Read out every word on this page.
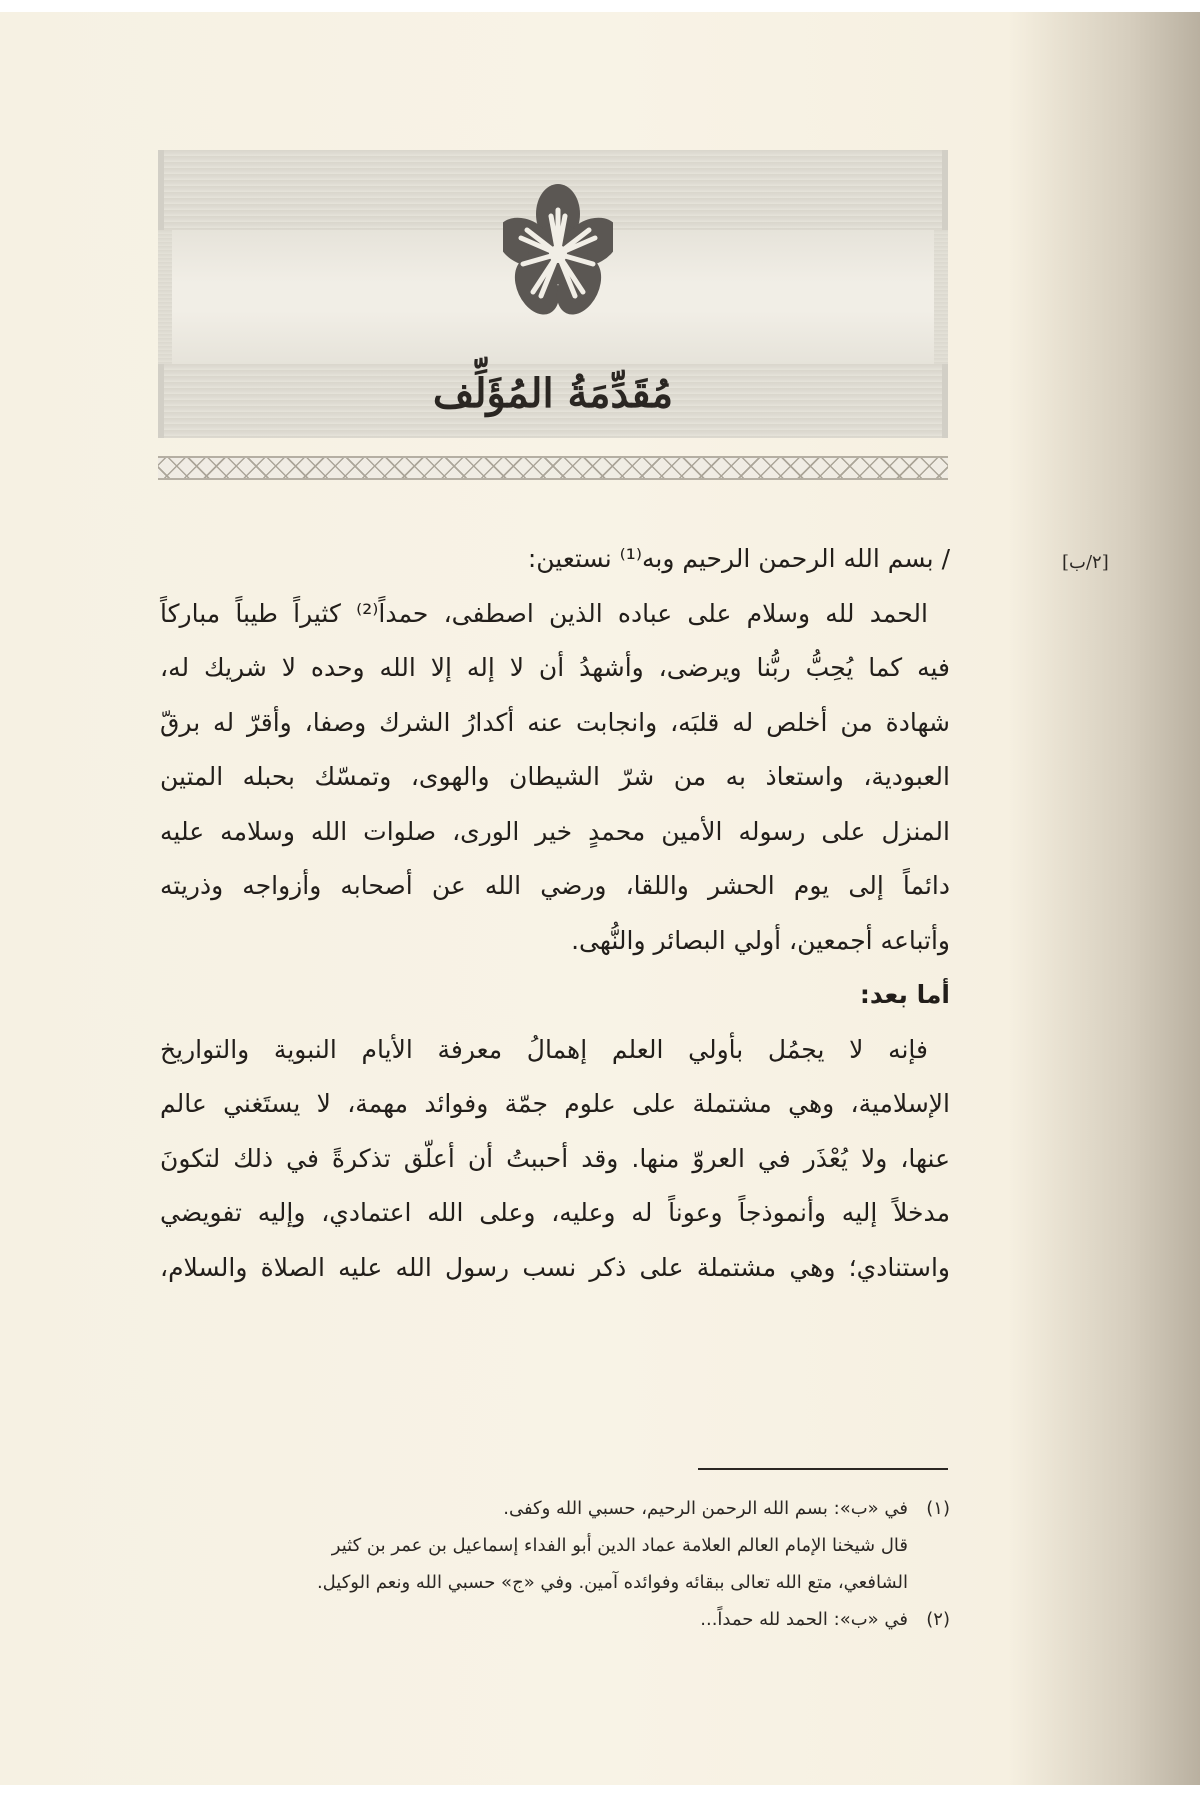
مُقَدِّمَةُ المُؤَلِّف
[٢/ب]
/ بسم الله الرحمن الرحيم وبه⁽¹⁾ نستعين:
الحمد لله وسلام على عباده الذين اصطفى، حمداً⁽²⁾ كثيراً طيباً مباركاً
فيه كما يُحِبُّ ربُّنا ويرضى، وأشهدُ أن لا إله إلا الله وحده لا شريك له،
شهادة من أخلص له قلبَه، وانجابت عنه أكدارُ الشرك وصفا، وأقرّ له برقّ
العبودية، واستعاذ به من شرّ الشيطان والهوى، وتمسّك بحبله المتين
المنزل على رسوله الأمين محمدٍ خير الورى، صلوات الله وسلامه عليه
دائماً إلى يوم الحشر واللقا، ورضي الله عن أصحابه وأزواجه وذريته
وأتباعه أجمعين، أولي البصائر والنُّهى.
أما بعد:
فإنه لا يجمُل بأولي العلم إهمالُ معرفة الأيام النبوية والتواريخ
الإسلامية، وهي مشتملة على علوم جمّة وفوائد مهمة، لا يستَغني عالم
عنها، ولا يُعْذَر في العروّ منها. وقد أحببتُ أن أعلّق تذكرةً في ذلك لتكونَ
مدخلاً إليه وأنموذجاً وعوناً له وعليه، وعلى الله اعتمادي، وإليه تفويضي
واستنادي؛ وهي مشتملة على ذكر نسب رسول الله عليه الصلاة والسلام،
(١)
في «ب»: بسم الله الرحمن الرحيم، حسبي الله وكفى.
قال شيخنا الإمام العالم العلامة عماد الدين أبو الفداء إسماعيل بن عمر بن كثير
الشافعي، متع الله تعالى ببقائه وفوائده آمين. وفي «ج» حسبي الله ونعم الوكيل.
(٢)
في «ب»: الحمد لله حمداً...
